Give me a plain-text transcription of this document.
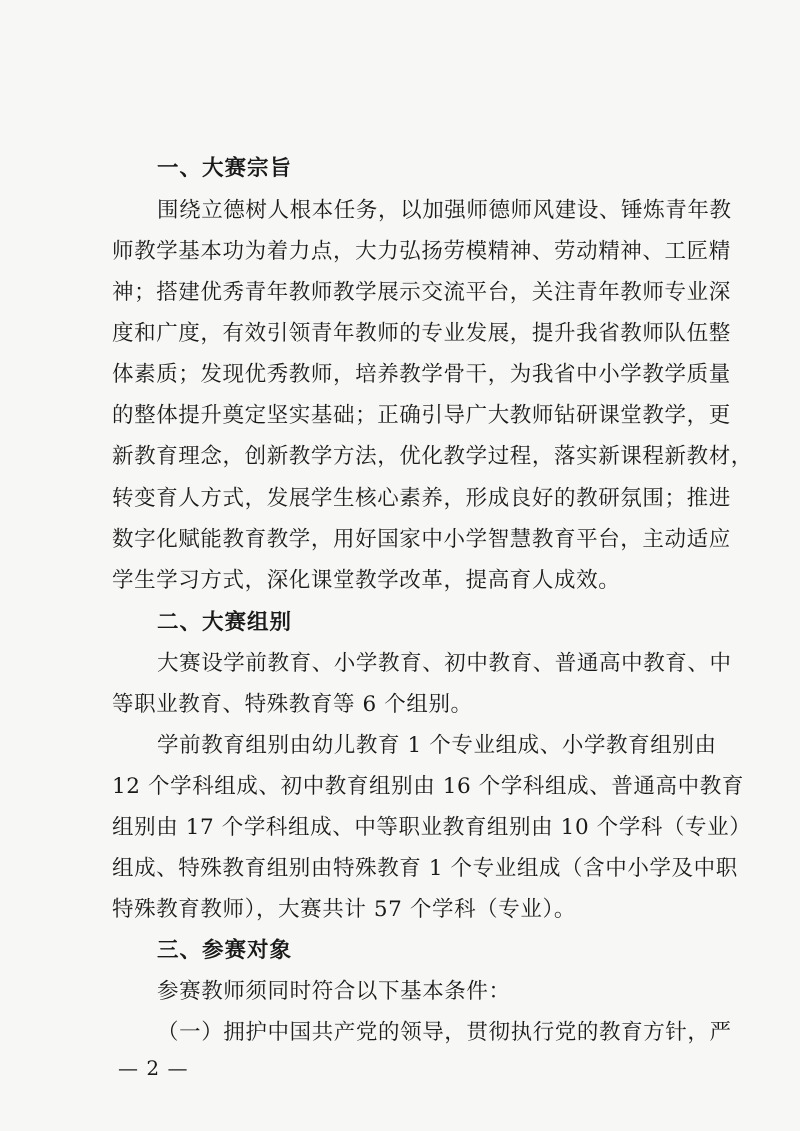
一、大赛宗旨
围绕立德树人根本任务，以加强师德师风建设、锤炼青年教
师教学基本功为着力点，大力弘扬劳模精神、劳动精神、工匠精
神；搭建优秀青年教师教学展示交流平台，关注青年教师专业深
度和广度，有效引领青年教师的专业发展，提升我省教师队伍整
体素质；发现优秀教师，培养教学骨干，为我省中小学教学质量
的整体提升奠定坚实基础；正确引导广大教师钻研课堂教学，更
新教育理念，创新教学方法，优化教学过程，落实新课程新教材，
转变育人方式，发展学生核心素养，形成良好的教研氛围；推进
数字化赋能教育教学，用好国家中小学智慧教育平台，主动适应
学生学习方式，深化课堂教学改革，提高育人成效。
二、大赛组别
大赛设学前教育、小学教育、初中教育、普通高中教育、中
等职业教育、特殊教育等 6 个组别。
学前教育组别由幼儿教育 1 个专业组成、小学教育组别由
12 个学科组成、初中教育组别由 16 个学科组成、普通高中教育
组别由 17 个学科组成、中等职业教育组别由 10 个学科（专业）
组成、特殊教育组别由特殊教育 1 个专业组成（含中小学及中职
特殊教育教师），大赛共计 57 个学科（专业）。
三、参赛对象
参赛教师须同时符合以下基本条件：
（一）拥护中国共产党的领导，贯彻执行党的教育方针，严
— 2 —
